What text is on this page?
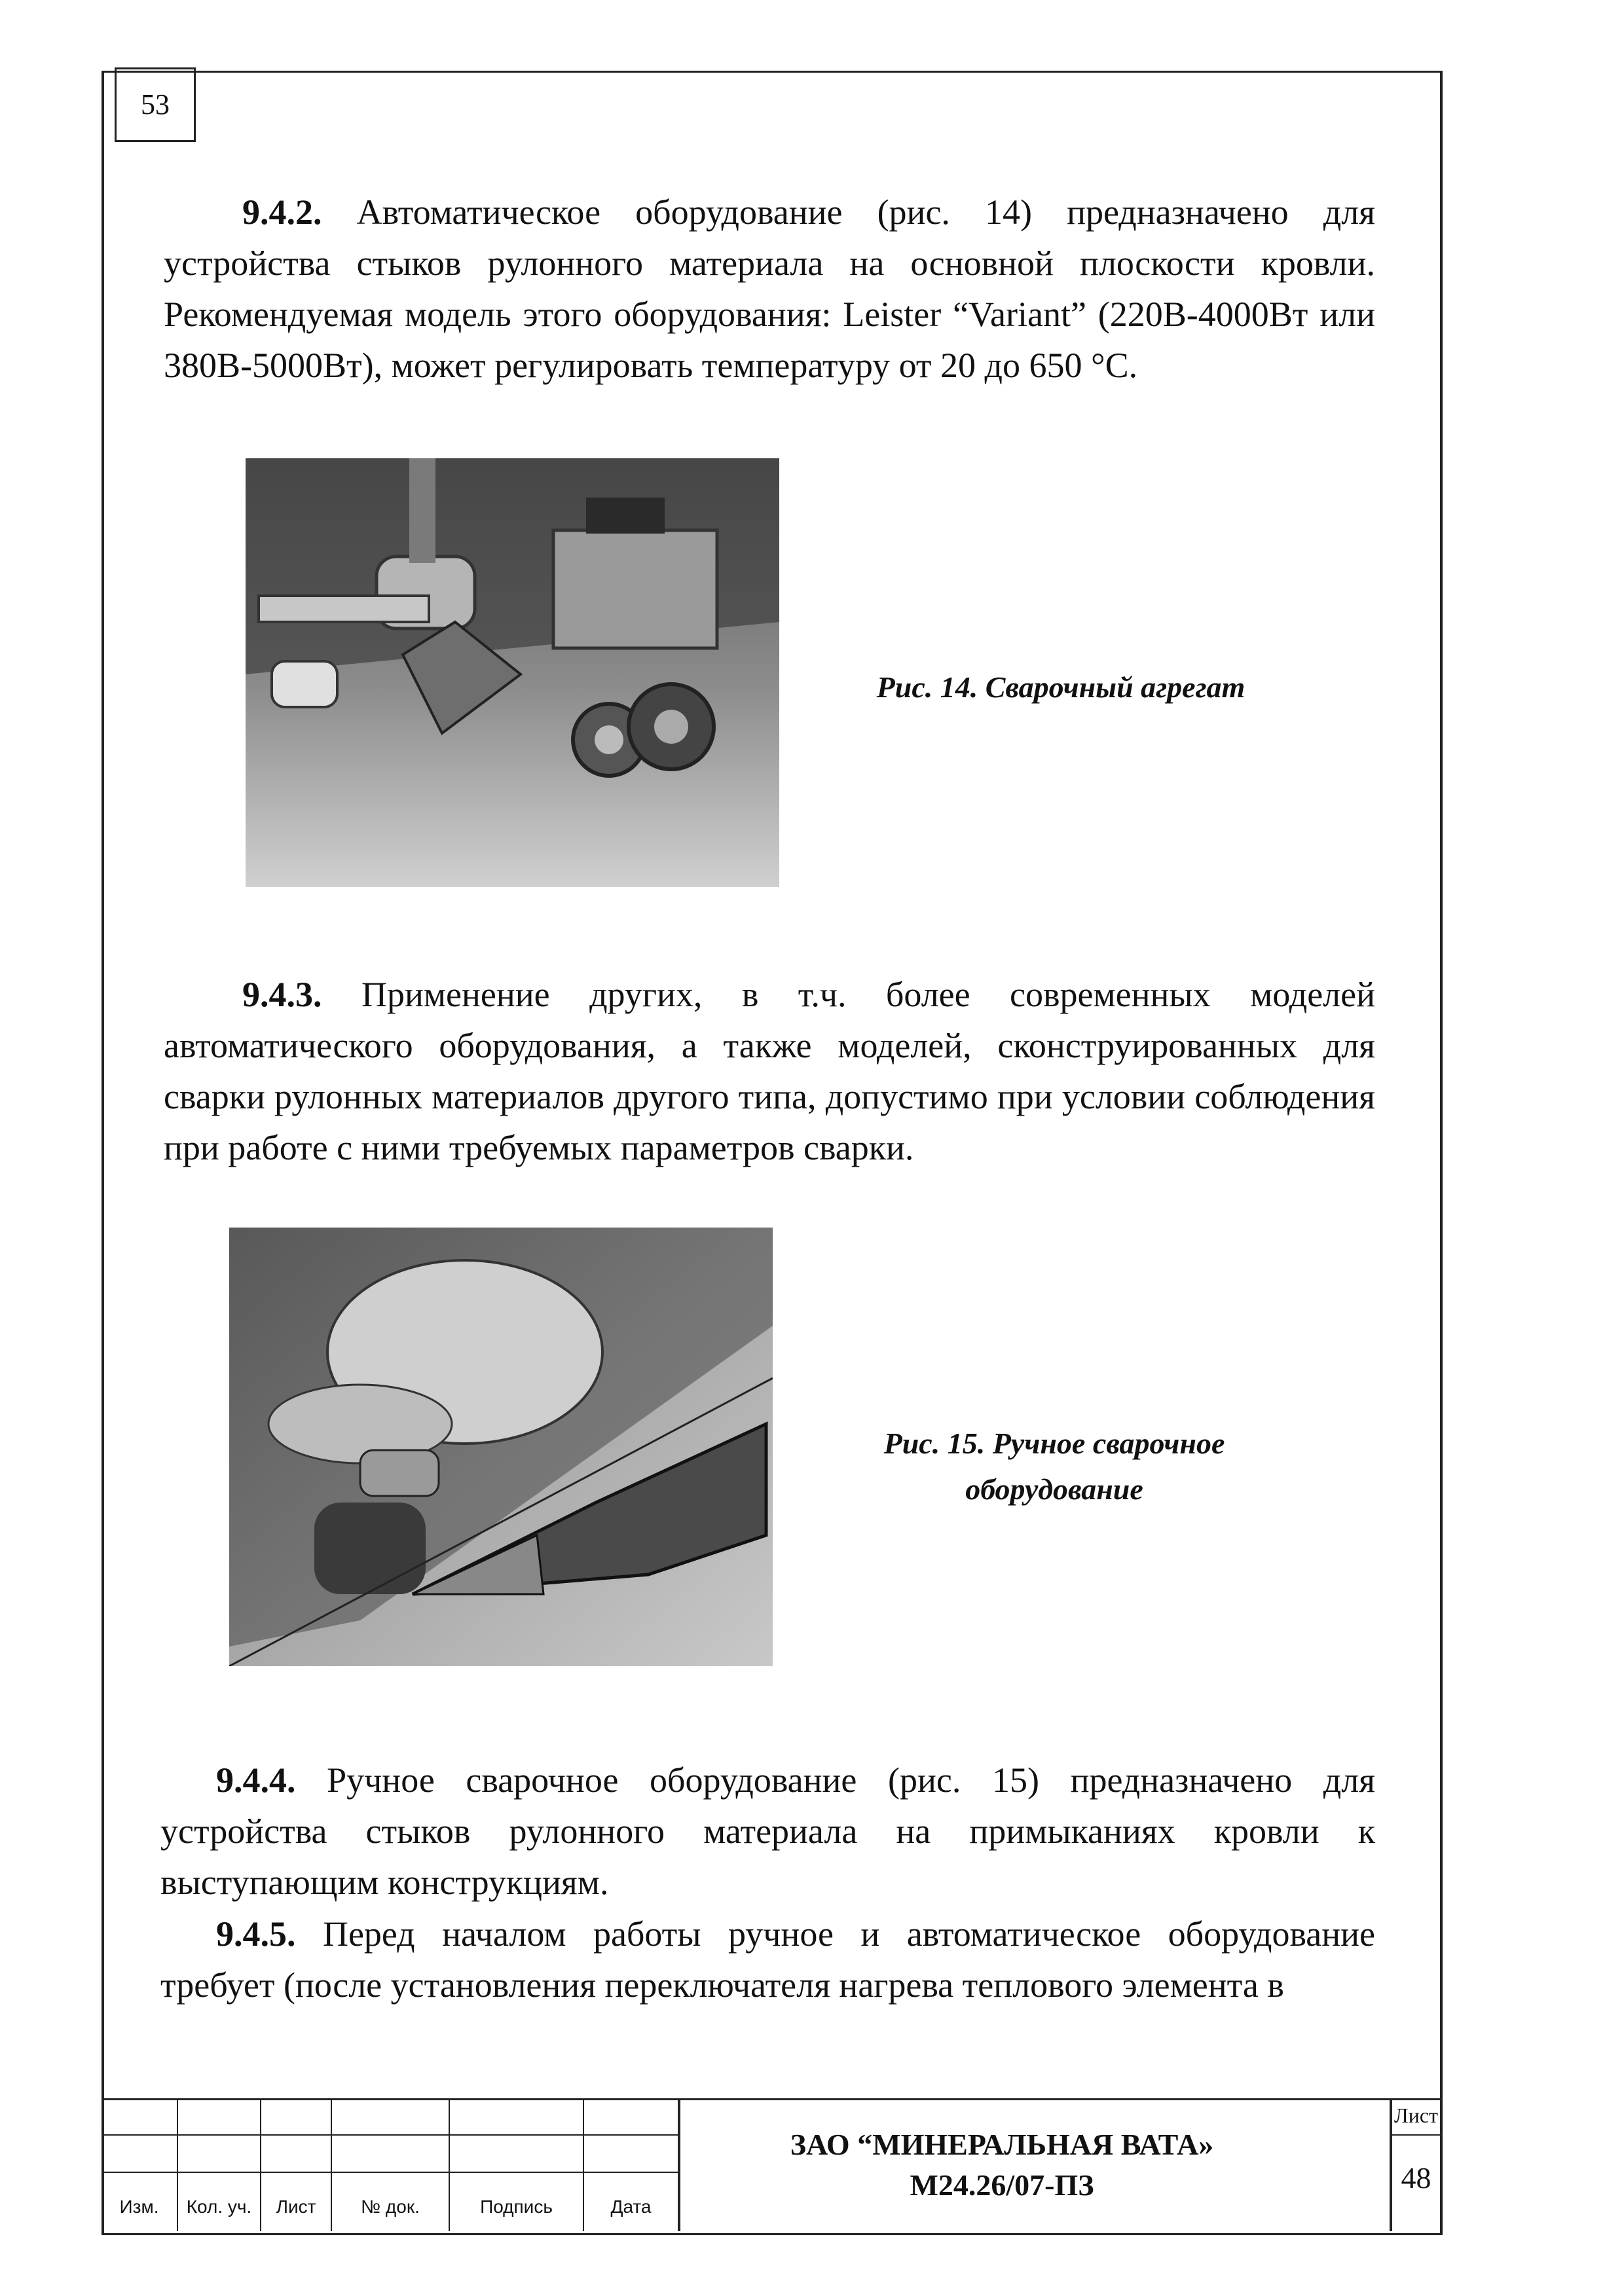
53
9.4.2. Автоматическое оборудование (рис. 14) предназначено для
устройства стыков рулонного материала на основной плоскости кровли. Рекомендуемая модель этого оборудования: Leister “Variant” (220В-4000Вт или 380В-5000Вт), может регулировать температуру от 20 до 650 °С.
Рис. 14. Сварочный агрегат
9.4.3. Применение других, в т.ч. более современных моделей
автоматического оборудования, а также моделей, сконструированных для сварки рулонных материалов другого типа, допустимо при условии соблюдения при работе с ними требуемых параметров сварки.
Рис. 15. Ручное сварочное
оборудование
9.4.4. Ручное сварочное оборудование (рис. 15) предназначено для
устройства стыков рулонного материала на примыканиях кровли к выступающим конструкциям.
9.4.5. Перед началом работы ручное и автоматическое оборудование
требует (после установления переключателя нагрева теплового элемента в
Изм.	Кол. уч.	Лист	№ док.	Подпись	Дата
ЗАО “МИНЕРАЛЬНАЯ ВАТА»
М24.26/07-ПЗ
Лист
48
